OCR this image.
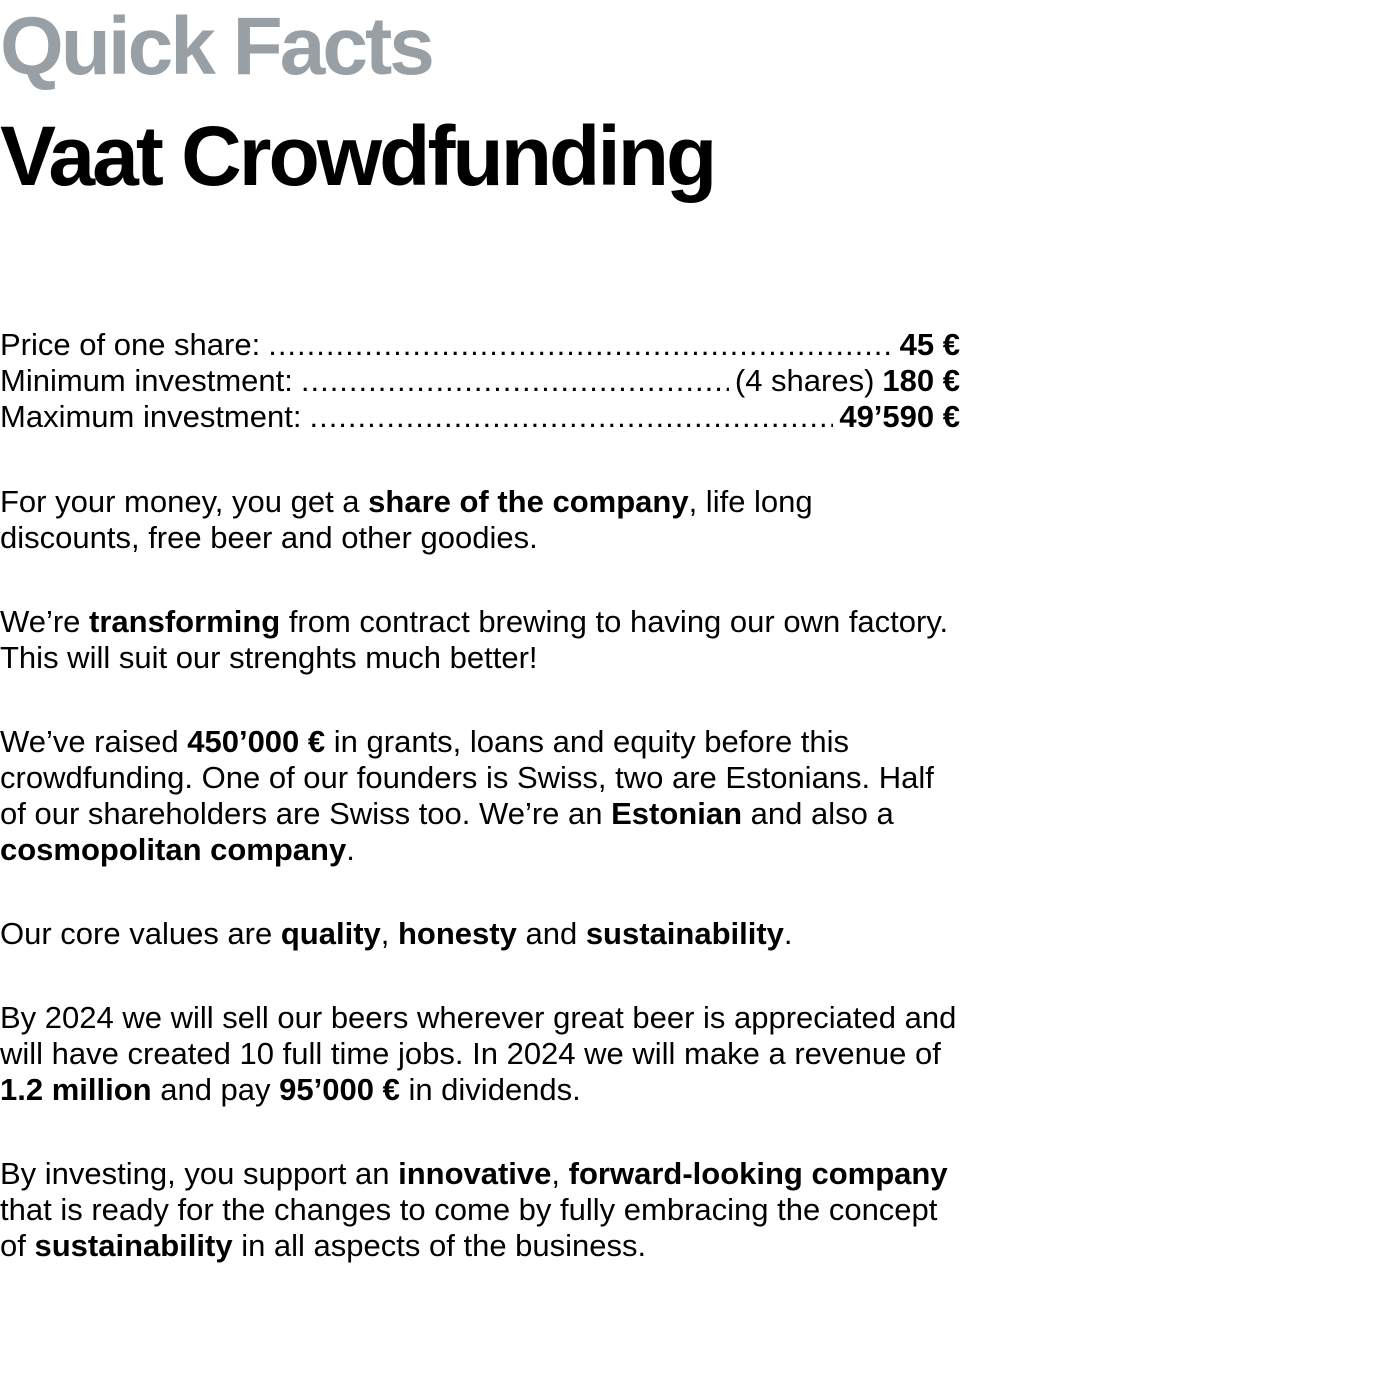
Quick Facts
Vaat Crowdfunding
Price of one share: .....	45 €
Minimum investment: .....	(4 shares) 180 €
Maximum investment: .....	49’590 €

For your money, you get a share of the company, life long discounts, free beer and other goodies.

We’re transforming from contract brewing to having our own factory. This will suit our strenghts much better!

We’ve raised 450’000 € in grants, loans and equity before this crowdfunding. One of our founders is Swiss, two are Estonians. Half of our shareholders are Swiss too. We’re an Estonian and also a cosmopolitan company.

Our core values are quality, honesty and sustainability.

By 2024 we will sell our beers wherever great beer is appreciated and will have created 10 full time jobs. In 2024 we will make a revenue of 1.2 million and pay 95’000 € in dividends.

By investing, you support an innovative, forward-looking company that is ready for the changes to come by fully embracing the concept of sustainability in all aspects of the business.
